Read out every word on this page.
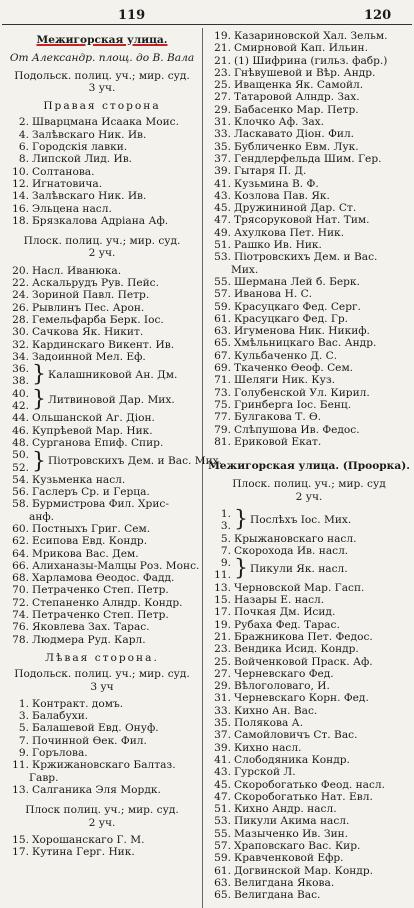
119	120
Межигорская улица.
От Александр. площ. до В. Вала
Подольск. полиц. уч.; мир. суд.
3 уч.
Правая сторона
2. Шварцмана Исаака Моис.
4. Залѣвскаго Ник. Ив.
6. Городскія лавки.
8. Липской Лид. Ив.
10. Солтанова.
12. Игнатовича.
14. Залѣвскаго Ник. Ив.
16. Эльцена насл.
18. Брязкалова Адріана Аф.
Плоск. полиц. уч.; мир. суд.
2 уч.
20. Насл. Иванюка.
22. Аскальрудъ Рув. Пейс.
24. Зориной Павл. Петр.
26. Рывлинъ Пес. Арон.
28. Гемельфарба Берк. Іос.
30. Сачкова Як. Никит.
32. Кардинскаго Викент. Ив.
34. Задоинной Мел. Еф.
36.
38. } Калашниковой Ан. Дм.
40.
42. } Литвиновой Дар. Мих.
44. Ольшанской Аг. Діон.
46. Купрѣевой Мар. Ник.
48. Сурганова Епиф. Спир.
50.
52. } Піотровскихъ Дем. и Вас. Мих.
54. Кузьменка насл.
56. Гаслеръ Ср. и Герца.
58. Бурмистрова Фил. Хрис-
анф.
60. Постныхъ Григ. Сем.
62. Есипова Евд. Кондр.
64. Мрикова Вас. Дем.
66. Алиханазы-Малцы Роз. Монс.
68. Харламова Ѳеодос. Фадд.
70. Петраченко Степ. Петр.
72. Степаненко Алндр. Кондр.
74. Петраченко Степ. Петр.
76. Яковлева Зах. Тарас.
78. Людмера Руд. Карл.
Лѣвая сторона.
Подольск. полиц. уч.; мир. суд.
3 уч
1. Контракт. домъ.
3. Балабухи.
5. Балашевой Евд. Онуф.
7. Починной Ѳек. Фил.
9. Горълова.
11. Кржижановскаго Балтаз.
Гавр.
13. Салганика Эля Мордк.
Плоск полиц. уч.; мир. суд.
2 уч.
15. Хорошанскаго Г. М.
17. Кутина Герг. Ник.
19. Казариновской Хал. Зельм.
21. Смирновой Кап. Ильин.
21. (1) Шифрина (гильз. фабр.)
23. Гнѣвушевой и Вѣр. Андр.
25. Иващенка Як. Самойл.
27. Татаровой Алндр. Зах.
29. Бабасенко Мар. Петр.
31. Клочко Аф. Зах.
33. Ласкавато Діон. Фил.
35. Бубличенко Евм. Лук.
37. Гендлерфельда Шим. Гер.
39. Гытаря П. Д.
41. Кузьмина В. Ф.
43. Козлова Пав. Як.
45. Дружининой Дар. Ст.
47. Трясоруковой Нат. Тим.
49. Ахулкова Пет. Ник.
51. Рашко Ив. Ник.
53. Піотровскихъ Дем. и Вас.
Мих.
55. Шермана Лей б. Берк.
57. Ивановa Н. С.
59. Красуцкаго Фед. Серг.
61. Красуцкаго Фед. Гр.
63. Игуменова Ник. Никиф.
65. Хмѣльницкаго Вас. Андр.
67. Кульбаченко Д. С.
69. Ткаченко Ѳеоф. Сем.
71. Шеляги Ник. Куз.
73. Голубенской Ул. Кирил.
75. Гринберга Іос. Бенц.
77. Булгакова Т. Ѳ.
79. Слѣпушова Ив. Федос.
81. Ериковой Екат.
Межигорская улица. (Проорка).
Плоск. полиц. уч.; мир. суд
2 уч.
1.
3. } Послѣхъ Іос. Мих.
5. Крыжановскаго насл.
7. Скороходa Ив. насл.
9.
11. } Пикули Як. насл.
13. Черновской Мар. Гасп.
15. Назары Е. насл.
17. Почкая Дм. Исид.
19. Рубаха Фед. Тарас.
21. Бражникова Пет. Федос.
23. Вендика Исид. Кондр.
25. Войченковой Праск. Аф.
27. Черневскаго Фед.
29. Вѣлоголоваго, И.
31. Черневскаго Корн. Фед.
33. Кихно Ан. Вас.
35. Полякова А.
37. Самойловичъ Ст. Вас.
39. Кихно насл.
41. Слободяника Кондр.
43. Гурской Л.
45. Скоробогатько Феод. насл.
47. Скоробогатько Нат. Евл.
51. Кихно Андр. насл.
53. Пикули Акима насл.
55. Мазыченко Ив. Зин.
57. Храповскаго Вас. Кир.
59. Кравченковой Ефр.
61. Догвинской Мар. Кондр.
63. Велигдана Якова.
65. Велигдана Вас.
